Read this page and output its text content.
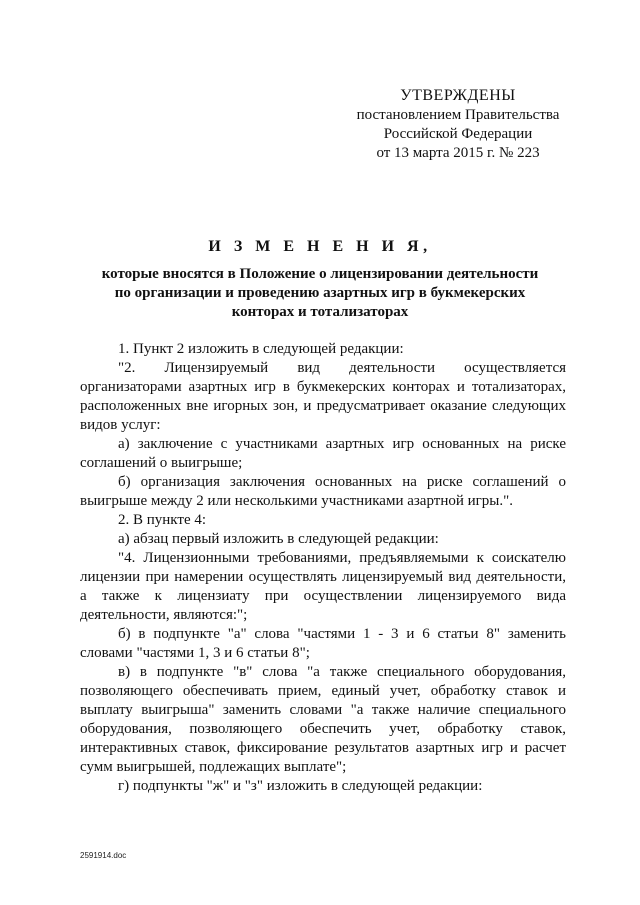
УТВЕРЖДЕНЫ
постановлением Правительства
Российской Федерации
от 13 марта 2015 г. № 223
И З М Е Н Е Н И Я,
которые вносятся в Положение о лицензировании деятельности
по организации и проведению азартных игр в букмекерских
конторах и тотализаторах

1. Пункт 2 изложить в следующей редакции:

"2. Лицензируемый вид деятельности осуществляется организаторами азартных игр в букмекерских конторах и тотализаторах, расположенных вне игорных зон, и предусматривает оказание следующих видов услуг:

а) заключение с участниками азартных игр основанных на риске соглашений о выигрыше;

б) организация заключения основанных на риске соглашений о выигрыше между 2 или несколькими участниками азартной игры.".

2. В пункте 4:

а) абзац первый изложить в следующей редакции:

"4. Лицензионными требованиями, предъявляемыми к соискателю лицензии при намерении осуществлять лицензируемый вид деятельности, а также к лицензиату при осуществлении лицензируемого вида деятельности, являются:";

б) в подпункте "а" слова "частями 1 - 3 и 6 статьи 8" заменить словами "частями 1, 3 и 6 статьи 8";

в) в подпункте "в" слова "а также специального оборудования, позволяющего обеспечивать прием, единый учет, обработку ставок и выплату выигрыша" заменить словами "а также наличие специального оборудования, позволяющего обеспечить учет, обработку ставок, интерактивных ставок, фиксирование результатов азартных игр и расчет сумм выигрышей, подлежащих выплате";

г) подпункты "ж" и "з" изложить в следующей редакции:

2591914.doc
